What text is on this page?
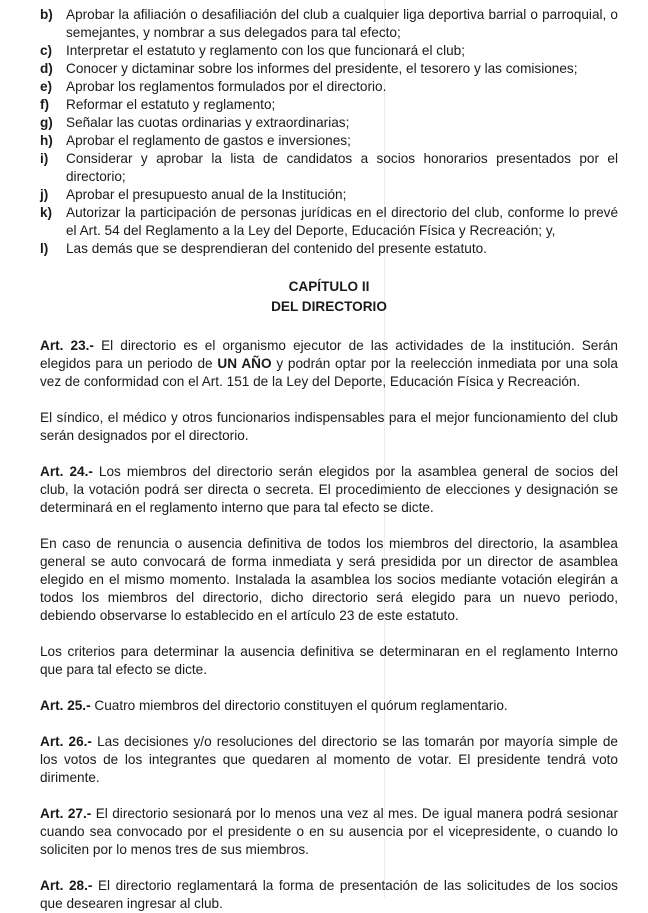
b) Aprobar la afiliación o desafiliación del club a cualquier liga deportiva barrial o parroquial, o semejantes, y nombrar a sus delegados para tal efecto;
c)	Interpretar el estatuto y reglamento con los que funcionará el club;
d) Conocer y dictaminar sobre los informes del presidente, el tesorero y las comisiones;
e)	Aprobar los reglamentos formulados por el directorio.
f)	Reformar el estatuto y reglamento;
g) Señalar las cuotas ordinarias y extraordinarias;
h) Aprobar el reglamento de gastos e inversiones;
i)	Considerar y aprobar la lista de candidatos a socios honorarios presentados por el directorio;
j)	Aprobar el presupuesto anual de la Institución;
k)	Autorizar la participación de personas jurídicas en el directorio del club, conforme lo prevé el Art. 54 del Reglamento a la Ley del Deporte, Educación Física y Recreación; y,
l)	Las demás que se desprendieran del contenido del presente estatuto.
CAPÍTULO II
DEL DIRECTORIO

Art. 23.- El directorio es el organismo ejecutor de las actividades de la institución. Serán elegidos para un periodo de UN AÑO y podrán optar por la reelección inmediata por una sola vez de conformidad con el Art. 151 de la Ley del Deporte, Educación Física y Recreación.

El síndico, el médico y otros funcionarios indispensables para el mejor funcionamiento del club serán designados por el directorio.

Art. 24.- Los miembros del directorio serán elegidos por la asamblea general de socios del club, la votación podrá ser directa o secreta. El procedimiento de elecciones y designación se determinará en el reglamento interno que para tal efecto se dicte.

En caso de renuncia o ausencia definitiva de todos los miembros del directorio, la asamblea general se auto convocará de forma inmediata y será presidida por un director de asamblea elegido en el mismo momento. Instalada la asamblea los socios mediante votación elegirán a todos los miembros del directorio, dicho directorio será elegido para un nuevo periodo, debiendo observarse lo establecido en el artículo 23 de este estatuto.

Los criterios para determinar la ausencia definitiva se determinaran en el reglamento Interno que para tal efecto se dicte.

Art. 25.- Cuatro miembros del directorio constituyen el quórum reglamentario.

Art. 26.- Las decisiones y/o resoluciones del directorio se las tomarán por mayoría simple de los votos de los integrantes que quedaren al momento de votar. El presidente tendrá voto dirimente.

Art. 27.- El directorio sesionará por lo menos una vez al mes. De igual manera podrá sesionar cuando sea convocado por el presidente o en su ausencia por el vicepresidente, o cuando lo soliciten por lo menos tres de sus miembros.

Art. 28.- El directorio reglamentará la forma de presentación de las solicitudes de los socios que desearen ingresar al club.
